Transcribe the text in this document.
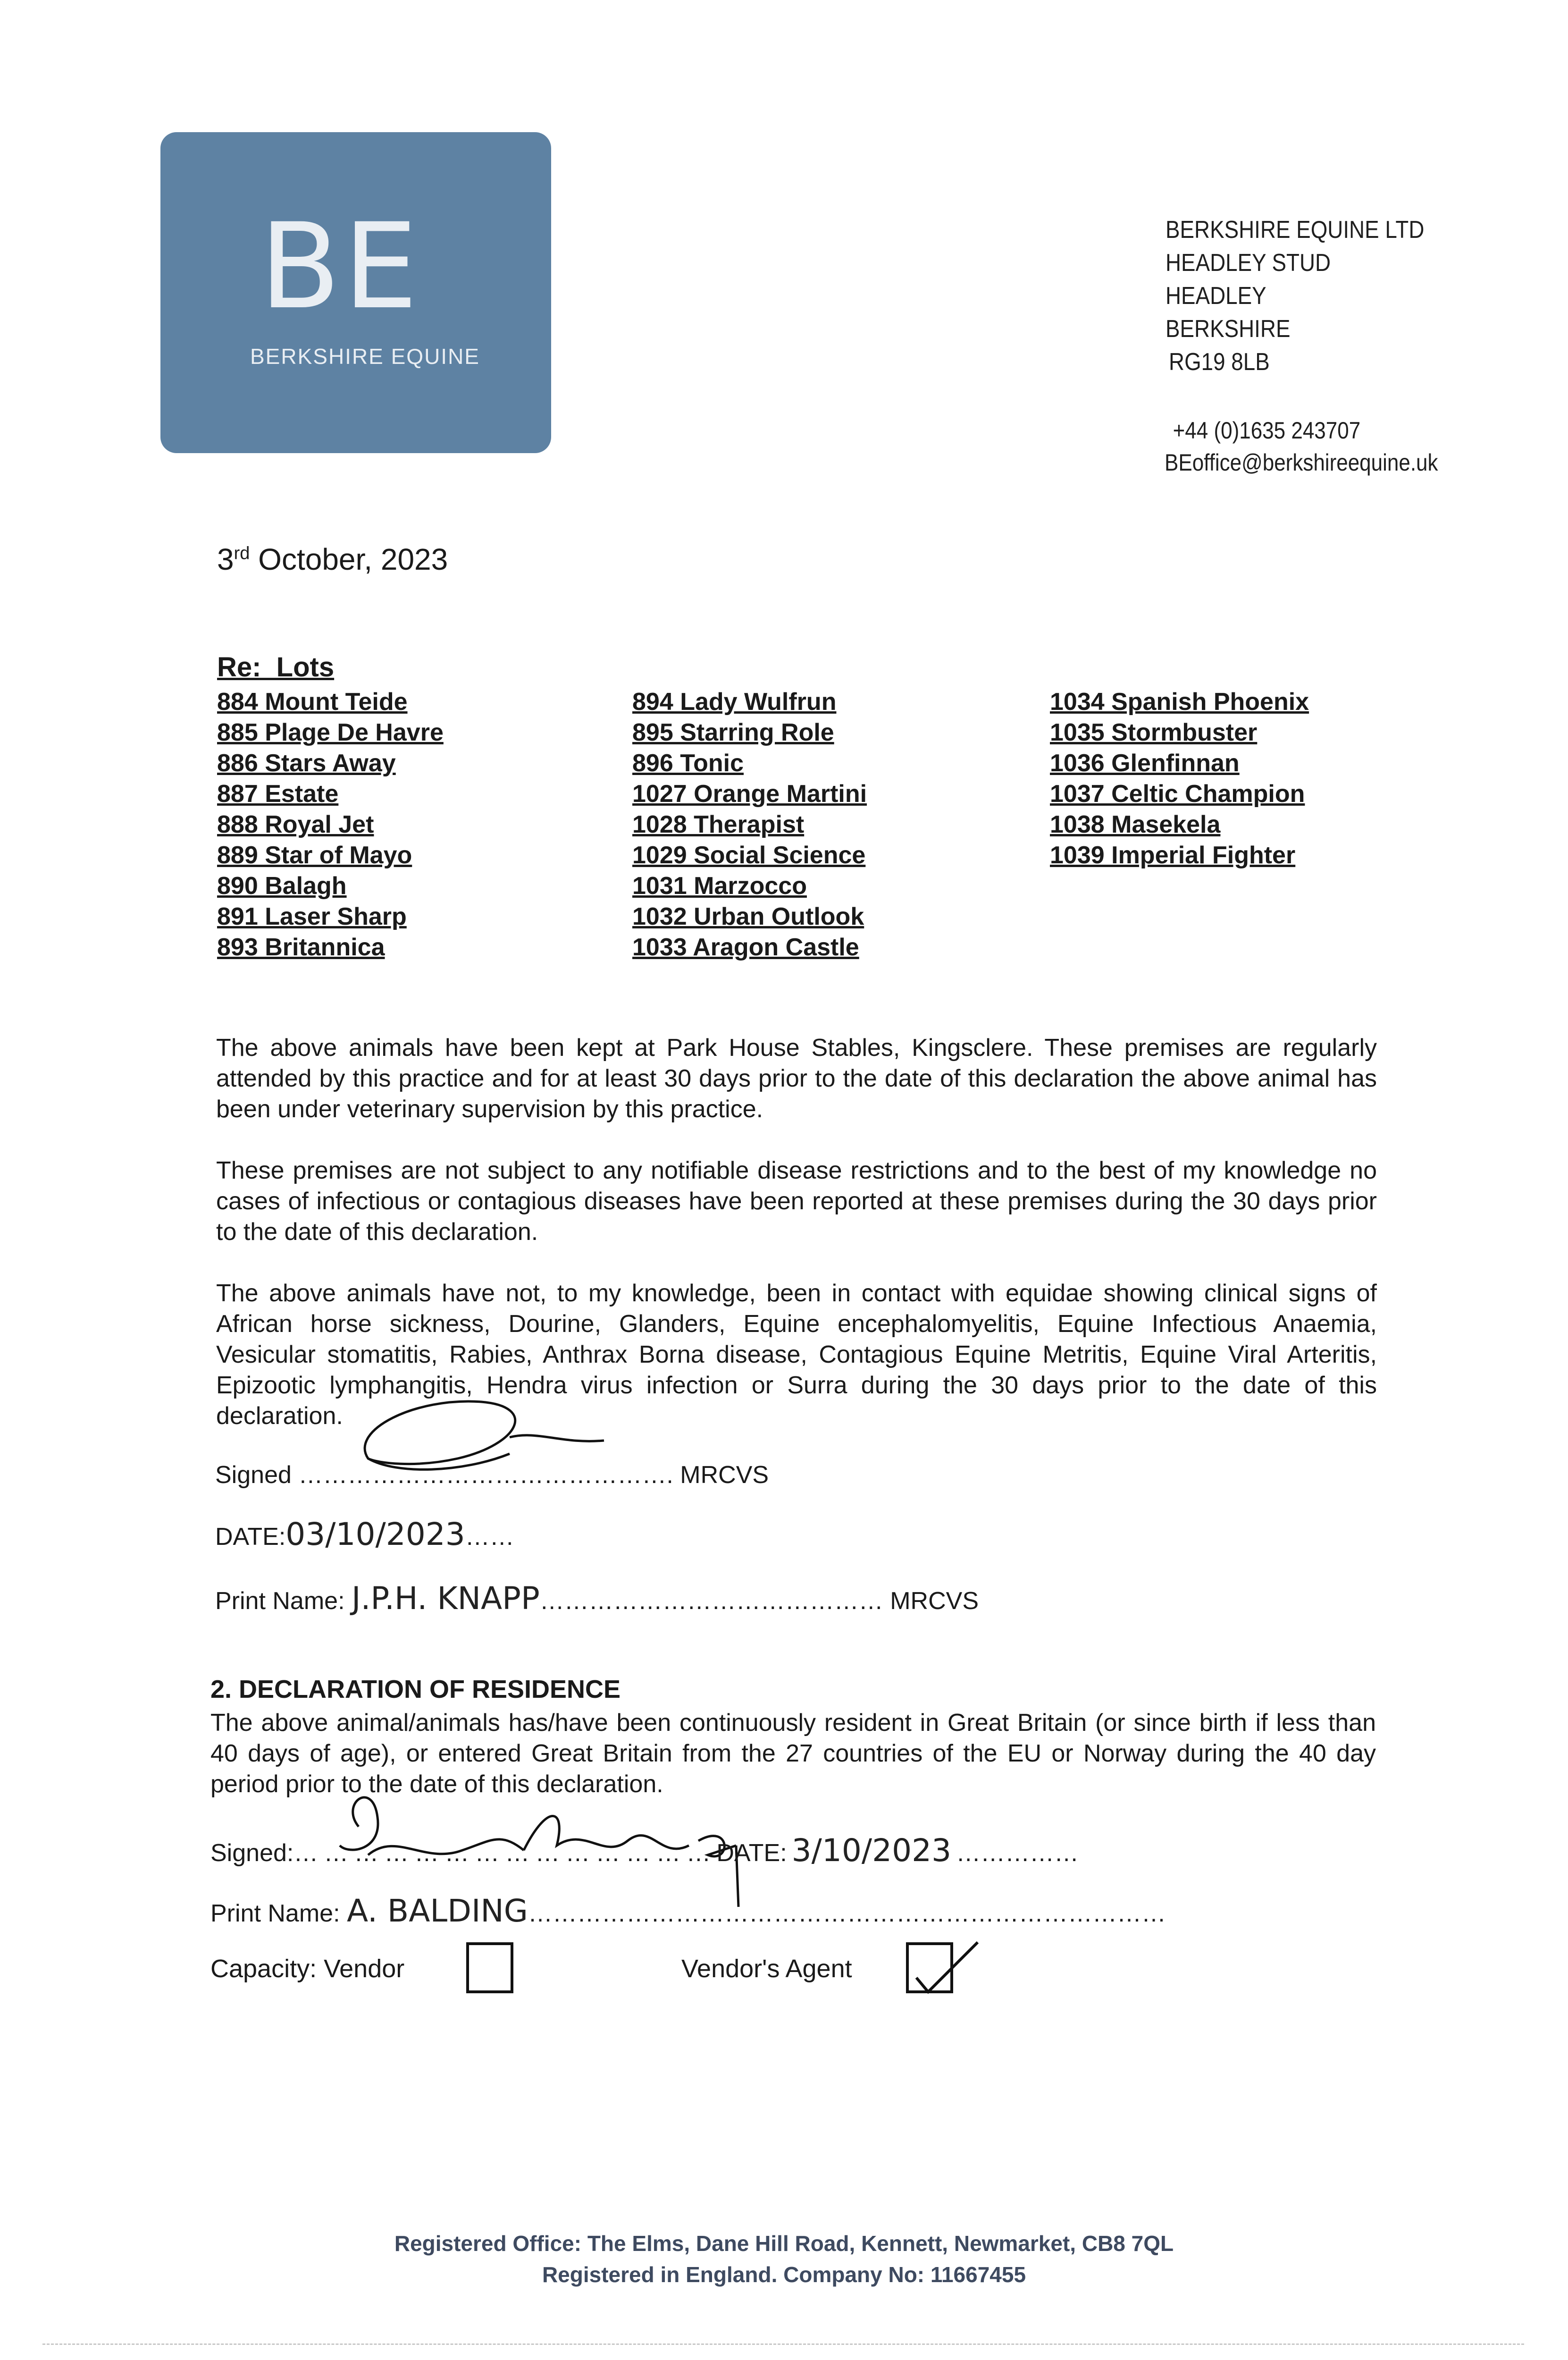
BE
BERKSHIRE EQUINE
BERKSHIRE EQUINE LTD
HEADLEY STUD
HEADLEY
BERKSHIRE
RG19 8LB
+44 (0)1635 243707
BEoffice@berkshireequine.uk
3rd October, 2023
Re:  Lots
884 Mount Teide
885 Plage De Havre
886 Stars Away
887 Estate
888 Royal Jet
889 Star of Mayo
890 Balagh
891 Laser Sharp
893 Britannica
894 Lady Wulfrun
895 Starring Role
896 Tonic
1027 Orange Martini
1028 Therapist
1029 Social Science
1031 Marzocco
1032 Urban Outlook
1033 Aragon Castle
1034 Spanish Phoenix
1035 Stormbuster
1036 Glenfinnan
1037 Celtic Champion
1038 Masekela
1039 Imperial Fighter
The above animals have been kept at Park House Stables, Kingsclere. These premises are regularly attended by this practice and for at least 30 days prior to the date of this declaration the above animal has been under veterinary supervision by this practice.
These premises are not subject to any notifiable disease restrictions and to the best of my knowledge no cases of infectious or contagious diseases have been reported at these premises during the 30 days prior to the date of this declaration.
The above animals have not, to my knowledge, been in contact with equidae showing clinical signs of African horse sickness, Dourine, Glanders, Equine encephalomyelitis, Equine Infectious Anaemia, Vesicular stomatitis, Rabies, Anthrax Borna disease, Contagious Equine Metritis, Equine Viral Arteritis, Epizootic lymphangitis, Hendra virus infection or Surra during the 30 days prior to the date of this declaration.
Signed ………………………………………. MRCVS
DATE:03/10/2023……
Print Name: J.P.H. KNAPP…………………………………… MRCVS
2. DECLARATION OF RESIDENCE
The above animal/animals has/have been continuously resident in Great Britain (or since birth if less than 40 days of age), or entered Great Britain from the 27 countries of the EU or Norway during the 40 day period prior to the date of this declaration.
Signed:……………………………………DATE: 3/10/2023 ……………
Print Name: A. BALDING……………………………………………………………………
Capacity: Vendor	Vendor's Agent
Registered Office: The Elms, Dane Hill Road, Kennett, Newmarket, CB8 7QL
Registered in England. Company No: 11667455
